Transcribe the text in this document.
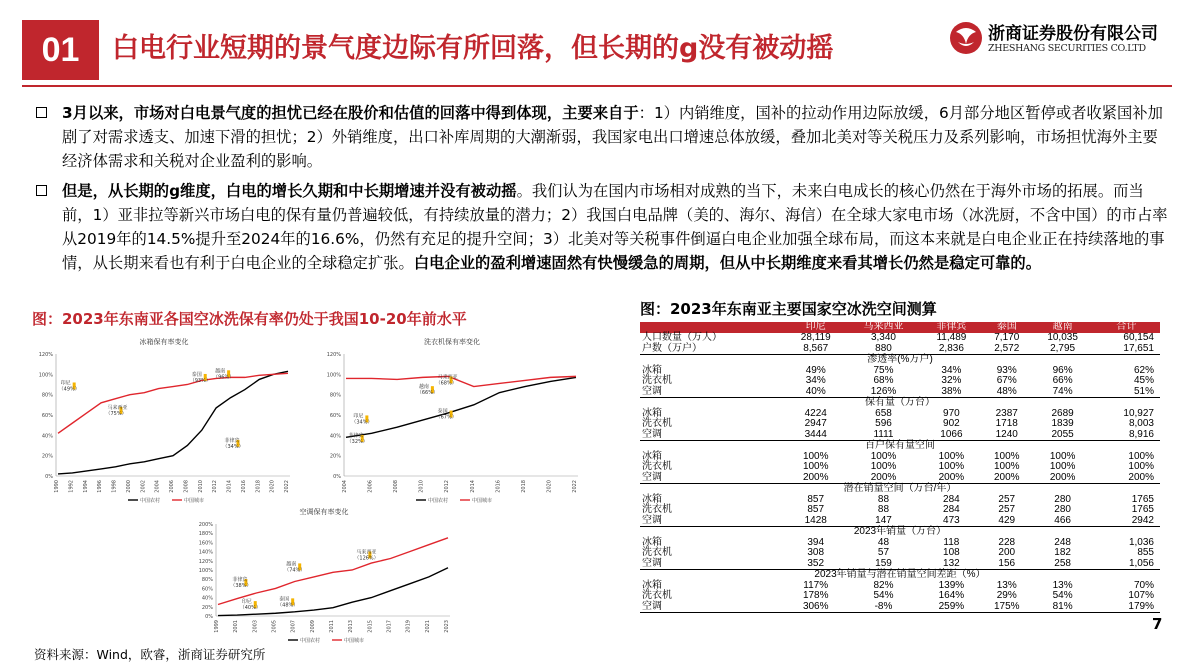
01	白电行业短期的景气度边际有所回落，但长期的g没有被动摇	浙商证券股份有限公司
ZHESHANG SECURITIES CO.LTD
3月以来，市场对白电景气度的担忧已经在股价和估值的回落中得到体现，主要来自于：1）内销维度，国补的拉动作用边际放缓，6月部分地区暂停或者收紧国补加剧了对需求透支、加速下滑的担忧；2）外销维度，出口补库周期的大潮渐弱，我国家电出口增速总体放缓，叠加北美对等关税压力及系列影响，市场担忧海外主要经济体需求和关税对企业盈利的影响。
但是，从长期的g维度，白电的增长久期和中长期增速并没有被动摇。我们认为在国内市场相对成熟的当下，未来白电成长的核心仍然在于海外市场的拓展。而当前，1）亚非拉等新兴市场白电的保有量仍普遍较低，有持续放量的潜力；2）我国白电品牌（美的、海尔、海信）在全球大家电市场（冰洗厨，不含中国）的市占率从2019年的14.5%提升至2024年的16.6%，仍然有充足的提升空间；3）北美对等关税事件倒逼白电企业加强全球布局，而这本来就是白电企业正在持续落地的事情，从长期来看也有利于白电企业的全球稳定扩张。白电企业的盈利增速固然有快慢缓急的周期，但从中长期维度来看其增长仍然是稳定可靠的。
图：2023年东南亚各国空冰洗保有率仍处于我国10-20年前水平
图：2023年东南亚主要国家空冰洗空间测算
冰箱保有率变化
0%
20%
40%
60%
80%
100%
120%
1990 1992 1994 1996 1998 2000 2002 2004 2006 2008 2010 2012 2014 2016 2018 2020 2022
中国农村	中国城市
印尼
（49%）
马来西亚
（75%）
泰国
（93%）
越南
（96%）
菲律宾
（34%）
洗衣机保有率变化
0%
20%
40%
60%
80%
100%
120%
2004	2006	2008	2010	2012	2014	2016	2018	2020	2022
中国农村	中国城市
印尼
（34%）
菲律宾
（32%）
越南
（66%）
马来西亚
（68%）
泰国
（67%）
空调保有率变化
0%
20%
40%
60%
80%
100%
120%
140%
160%
180%
200%
1999	2001	2003	2005	2007	2009	2011	2013	2015	2017	2019	2021	2023
中国农村	中国城市
菲律宾
（38%）
印尼
（40%）
越南
（74%）
泰国
（48%）
马来西亚
（126%）
	印尼	马来西亚	菲律宾	泰国	越南	合计
人口数量（万人）	28,119	3,340	11,489	7,170	10,035	60,154
户数（万户）	8,567	880	2,836	2,572	2,795	17,651
渗透率(%万户)						
冰箱	49%	75%	34%	93%	96%	62%
洗衣机	34%	68%	32%	67%	66%	45%
空调	40%	126%	38%	48%	74%	51%
保有量（万台）						
冰箱	4224	658	970	2387	2689	10,927
洗衣机	2947	596	902	1718	1839	8,003
空调	3444	1111	1066	1240	2055	8,916
百户保有量空间						
冰箱	100%	100%	100%	100%	100%	100%
洗衣机	100%	100%	100%	100%	100%	100%
空调	200%	200%	200%	200%	200%	200%
潜在销量空间（万台/年）						
冰箱	857	88	284	257	280	1765
洗衣机	857	88	284	257	280	1765
空调	1428	147	473	429	466	2942
2023年销量（万台）						
冰箱	394	48	118	228	248	1,036
洗衣机	308	57	108	200	182	855
空调	352	159	132	156	258	1,056
2023年销量与潜在销量空间差距（%）						
冰箱	117%	82%	139%	13%	13%	70%
洗衣机	178%	54%	164%	29%	54%	107%
空调	306%	-8%	259%	175%	81%	179%
资料来源：Wind，欧睿，浙商证券研究所
7
